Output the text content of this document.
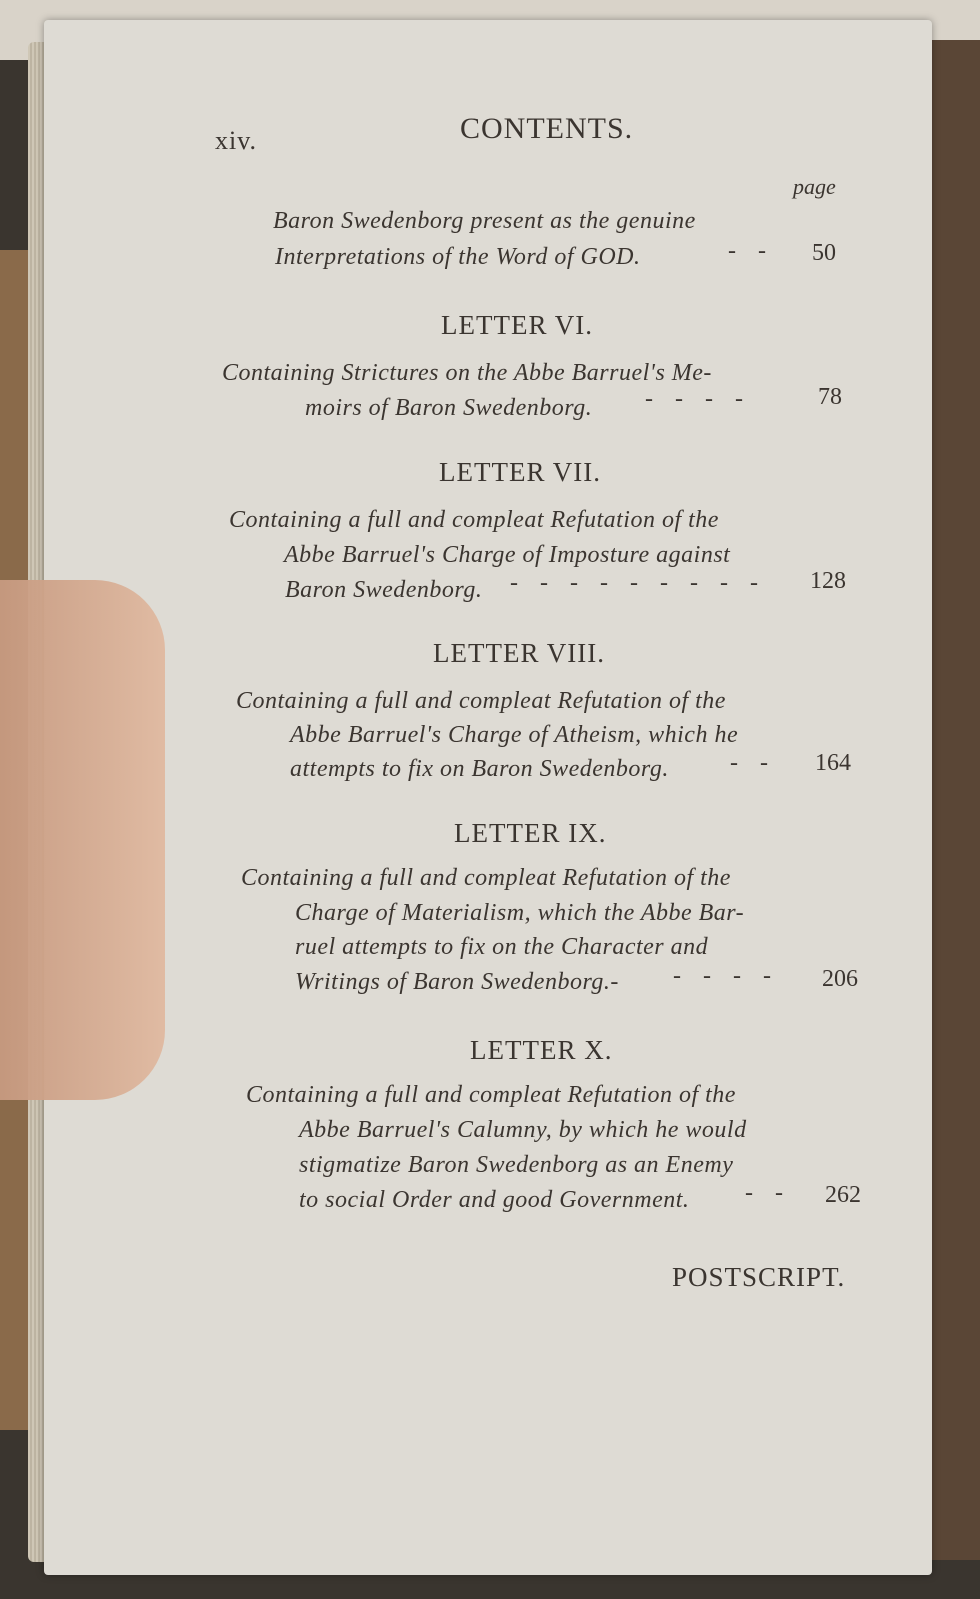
xiv.	CONTENTS.
page
Baron Swedenborg present as the genuine
Interpretations of the Word of GOD.	- - 50
LETTER VI.
Containing Strictures on the Abbe Barruel's Me-
moirs of Baron Swedenborg. - - - -	78
LETTER VII.
Containing a full and compleat Refutation of the
Abbe Barruel's Charge of Imposture against
Baron Swedenborg. - - - - - - - - - 128
LETTER VIII.
Containing a full and compleat Refutation of the
Abbe Barruel's Charge of Atheism, which he
attempts to fix on Baron Swedenborg.	- - 164
LETTER IX.
Containing a full and compleat Refutation of the
Charge of Materialism, which the Abbe Bar-
ruel attempts to fix on the Character and
Writings of Baron Swedenborg.- - - - - 206
LETTER X.
Containing a full and compleat Refutation of the
Abbe Barruel's Calumny, by which he would
stigmatize Baron Swedenborg as an Enemy
to social Order and good Government. - - 262
POSTSCRIPT.
